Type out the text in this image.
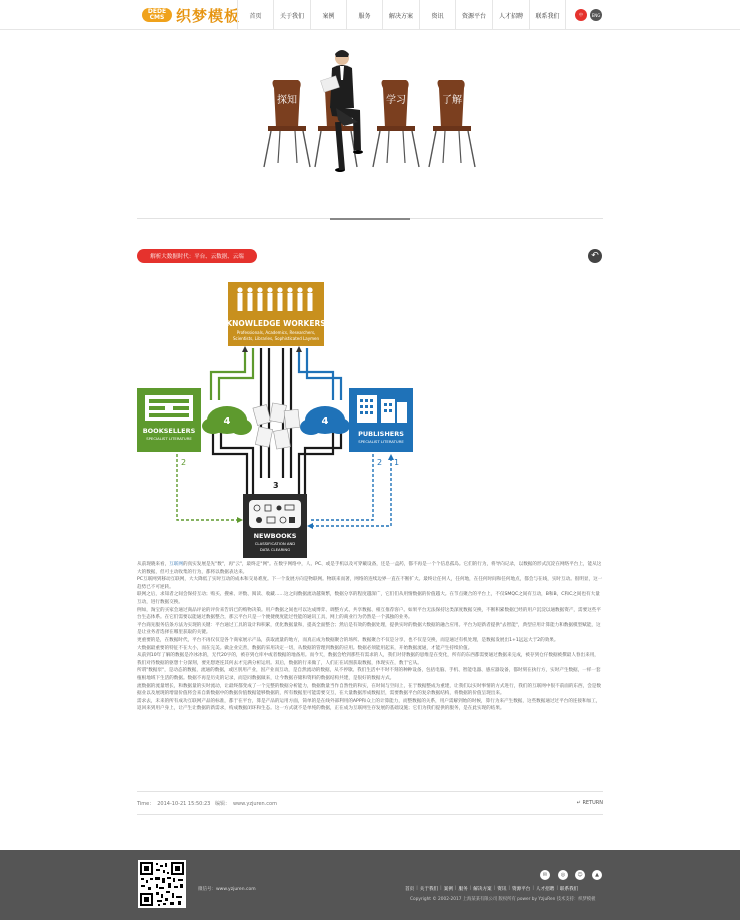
DEDE CMS 织梦模板	首页	关于我们	案例	服务	解决方案	资讯	资源平台	人才招聘	联系我们	中	ENG
探知	学习	了解
解析大数据时代：平台、云数据、云端	↶
KNOWLEDGE WORKERS
Professionals, Academics, Researchers,
Scientists, Libraries, Sophisticated Laymen
BOOKSELLERS
SPECIALIST LITERATURE
PUBLISHERS
SPECIALIST LITERATURE
4	4
2	2 1
3
NEWBOOKS
CLASSIFICATION AND
DATA CLEARING

从前现晓来看，互联网的真实发展是先"数"，再"云"，最终走"网"。在数字网络中，人、PC、或是手机以及可穿戴设备，还是一盒药，都不再是一个个信息孤岛。它们的行为，将导向记录，以数据的形式沉淀在网络平台上，能从这大的数据，但可主动收集的行为，都将以数据表达来。

PC互联网到移动互联网，大大降低了实时互动的成本和交易难度。下一个发展方向是物联网。物联来而著，网络的连续边界一直在不断扩大。最终让任何人，任何地，在任何时间和任何地点，都会与在线，实时互动。很明显，这一趋势已不可逆转。

联网之后，求知者之间会保持互动；购买、搜索、评数、阅读、收藏……这之间数据流动越频繁，数据分享的程度越深广，它们们从用情数据的价值越大。在节点聚合的平台上，不仅SMQC之间有互动，B和B，C和C之间也有大量互动，进行数据交换。

例如，淘宝的买家会通过商品评论的评价来告诉已的购物决策。用户数据之间也可以达成博弈、调整方式、共享数据、相互推荐客户。如果平台无法保持这类深度数据交换，不断积累数据已经的用户沉淀以通数据资产，需要这些平台生态体系。在它们需要以能通过数据整合，那云平台只是一个便捷便度能过性能的通讯工具，网上的商业行为仍然是一个孤独的业务。

平台商先服务信条方法为实现的关键：平台通过工具的设计和积累，优化数据量和，提高全面整合；然后是有效的数据处理，提供实时的数据大数据的融合应用。平台为迎新者提供"去智能"，典型应用计算能力和数据模型赋能，这是让业务者选择在哪里获取的关键。

更重要的是，在数据时代，平台不再仅仅是各个商家展示产品，获取流量的地方，而真正成为数据聚合的场所。数据聚合不仅是分享，也不仅是交换，而是通过有机处理，是数据发展出1+1远远大于2的效果。

大数据最重要的特征不在大小，而在完美。做企业完善，数据的采用决定一切，从数据的管理到数据的应用。数据必须能用起来，开始数据流通，才能产生持续价值。

从前到10年了解的数据是冷冰冰的，无代20字的，被存到仓库中或者数据的地备用。而今天，数据会给到那些有需求的人，我们对待数据的思维是在变化，所有的东西都需要通过数据来完成，被存到仓仔数据被撰最人春出来用，我们对待数据的驱想十分深刻，要先想逐连其何去才完满分析运用。双后，数据的行来做了，人们正在试图获取数据，体现实在，数于它从。

所谓"数据泵"，是动态的数据，流通的数据，或区别用产业，因产业而互动，是自然流动的数据，从不停歇。我们生活中不时不刻的种种设备，包括电脑、手机、智能电器、感应器设备，都时刻在执行方，实时产生数据，一样一套植根地域下生活的数据。数据不再是历史的记录，而是同数据做来，让今数据存储和资料的数据结构共建，是很好的数据方式。

流数据的流量增长，和数据量的实时流动，让最终都变成了一个完整的数据分析能力，数据数量当作自然性的和实，在时间与空间上，在于数据整成为重建，让我们以实时事情的方式进行，我们的互联网中很不前面的东西，会是数据业以及展现的增量价值将会来自新数据中的数据价值数据能够数据的，所有数据里可能需要交互，在大量数据形成数据层，需要数据平台的复杂数据结构，将数据的价值呈现出来。

需求去，未来的所有成功互联网产品的标准，都于在平台，算是产品的运用方面，简单的是在线外部利用的APP和众上的计算能力，而整数据的关系，用户需解到始的时候，算行为来产生数据，这些数据通过过平台的连接和加工，返回来到用户身上，让产生让数据的新需求，构成数据闭环和生态。这一方式就不是单纯的数据，正在成为互联网生存发展的基础设施；它们为我们提供的服务，是在此实现的结果。

Time： 2014-10-21 15:50:23 编辑： www.yzjuren.com	↵ RETURN
微信号：www.yzjuren.com
✉	◎	☺	▲
首页 | 关于我们 | 案例 | 服务 | 解决方案 | 资讯 | 资源平台 | 人才招聘 | 联系我们
Copyright © 2002-2017 上海某某有限公司 版权所有 power by YzjuRen 技术支持：织梦模板
